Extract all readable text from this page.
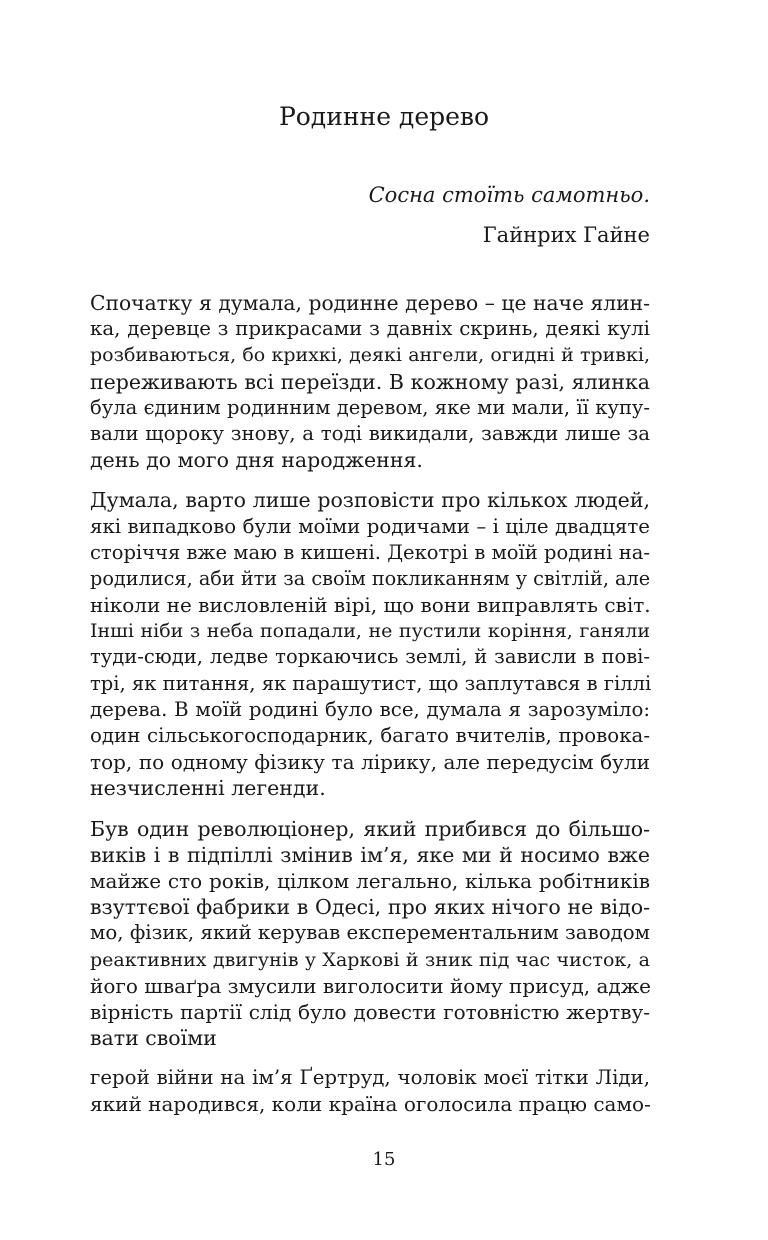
Родинне дерево

Сосна стоїть самотньо.

Гайнрих Гайне

Спочатку я думала, родинне дерево – це наче ялин-
ка, деревце з прикрасами з давніх скринь, деякі кулі
розбиваються, бо крихкі, деякі ангели, огидні й тривкі,
переживають всі переїзди. В кожному разі, ялинка
була єдиним родинним деревом, яке ми мали, її купу-
вали щороку знову, а тоді викидали, завжди лише за
день до мого дня народження.
Думала, варто лише розповісти про кількох людей,
які випадково були моїми родичами – і ціле двадцяте
сторіччя вже маю в кишені. Декотрі в моїй родині на-
родилися, аби йти за своїм покликанням у світлій, але
ніколи не висловленій вірі, що вони виправлять світ.
Інші ніби з неба попадали, не пустили коріння, ганяли
туди-сюди, ледве торкаючись землі, й зависли в пові-
трі, як питання, як парашутист, що заплутався в гіллі
дерева. В моїй родині було все, думала я зарозуміло:
один сільськогосподарник, багато вчителів, провока-
тор, по одному фізику та лірику, але передусім були
незчисленні легенди.
Був один революціонер, який прибився до більшо-
виків і в підпіллі змінив ім’я, яке ми й носимо вже
майже сто років, цілком легально, кілька робітників
взуттєвої фабрики в Одесі, про яких нічого не відо-
мо, фізик, який керував експерементальним заводом
реактивних двигунів у Харкові й зник під час чисток, а
його шваґра змусили виголосити йому присуд, адже
вірність партії слід було довести готовністю жертву-
вати своїми
герой війни на ім’я Ґертруд, чоловік моєї тітки Ліди,
який народився, коли країна оголосила працю само-
15
